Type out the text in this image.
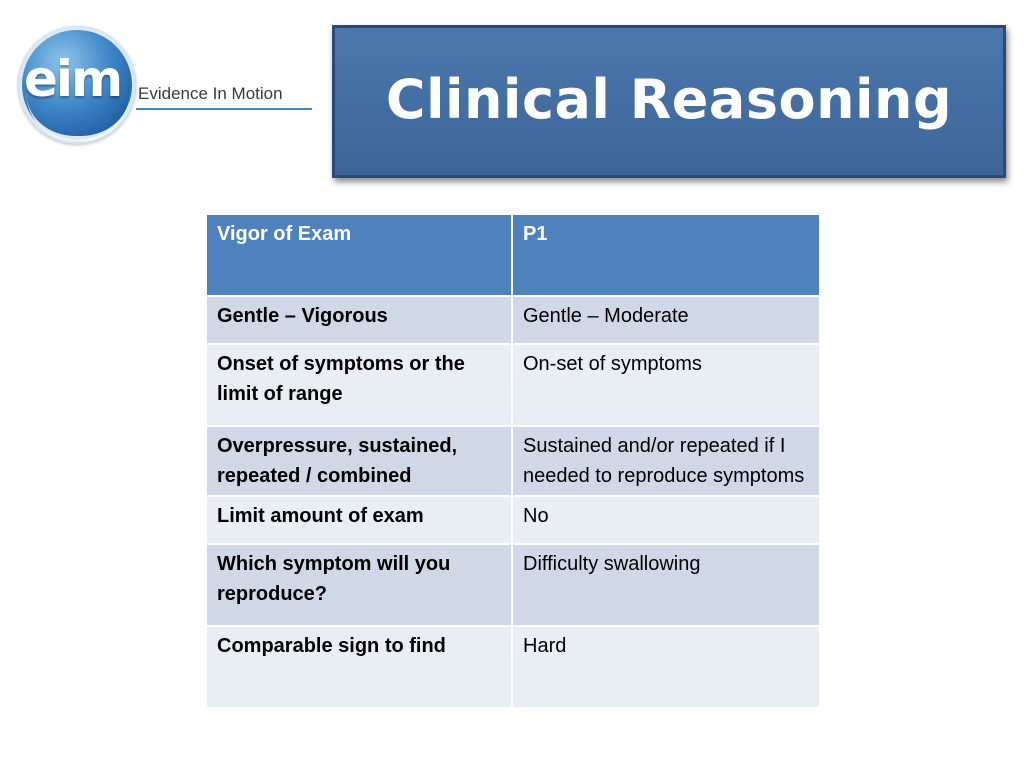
eim Evidence In Motion Clinical Reasoning
Vigor of Exam	P1
Gentle – Vigorous	Gentle – Moderate
Onset of symptoms or the limit of range	On-set of symptoms
Overpressure, sustained, repeated / combined	Sustained and/or repeated if I needed to reproduce symptoms
Limit amount of exam	No
Which symptom will you reproduce?	Difficulty swallowing
Comparable sign to find	Hard
